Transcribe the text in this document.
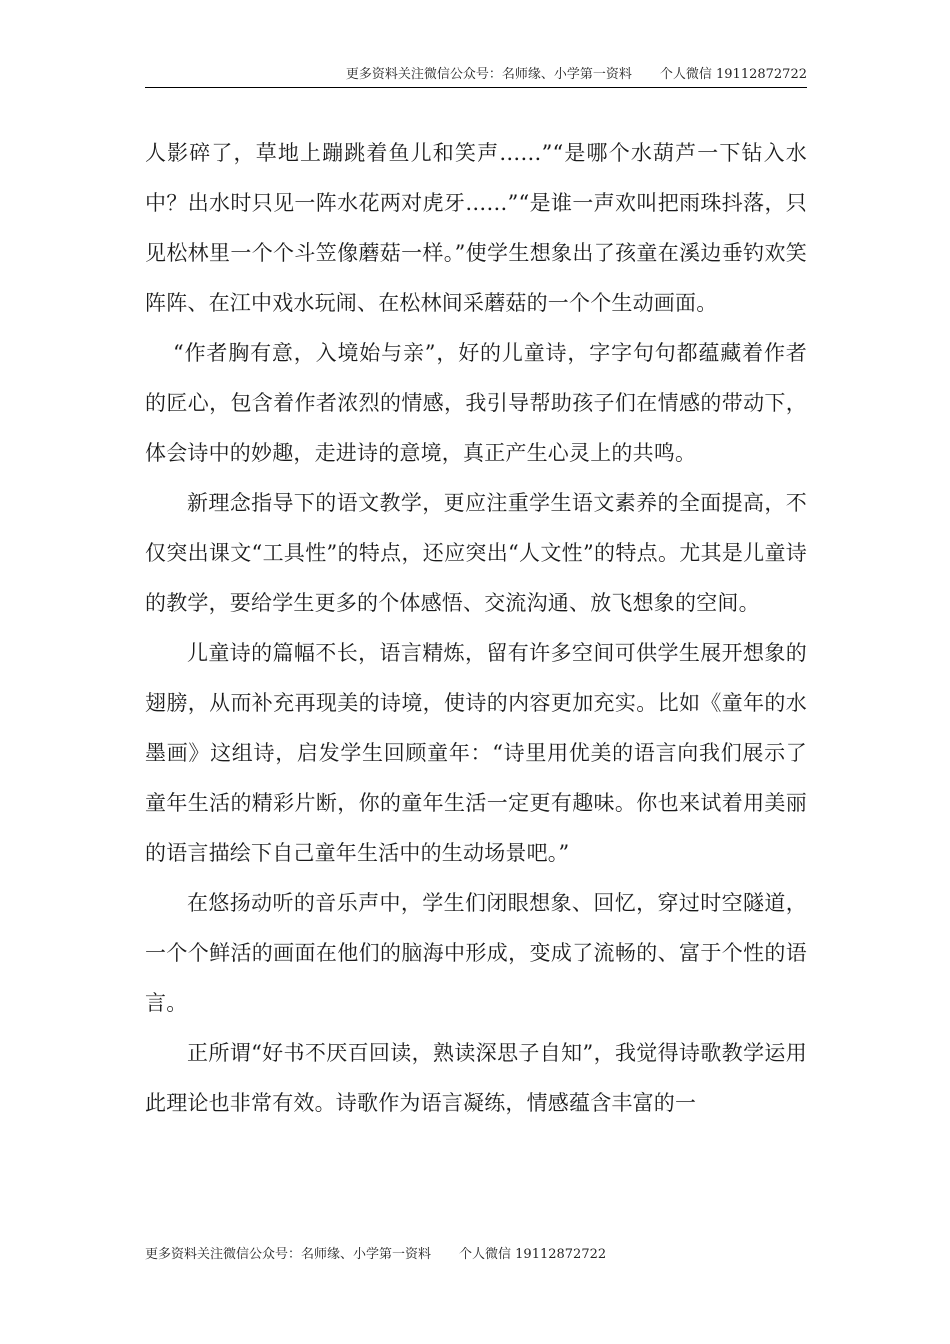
更多资料关注微信公众号：名师缘、小学第一资料 个人微信 19112872722

人影碎了，草地上蹦跳着鱼儿和笑声……”“是哪个水葫芦一下钻入水中？出水时只见一阵水花两对虎牙……”“是谁一声欢叫把雨珠抖落，只见松林里一个个斗笠像蘑菇一样。”使学生想象出了孩童在溪边垂钓欢笑阵阵、在江中戏水玩闹、在松林间采蘑菇的一个个生动画面。

“作者胸有意，入境始与亲”，好的儿童诗，字字句句都蕴藏着作者的匠心，包含着作者浓烈的情感，我引导帮助孩子们在情感的带动下，体会诗中的妙趣，走进诗的意境，真正产生心灵上的共鸣。

新理念指导下的语文教学，更应注重学生语文素养的全面提高，不仅突出课文“工具性”的特点，还应突出“人文性”的特点。尤其是儿童诗的教学，要给学生更多的个体感悟、交流沟通、放飞想象的空间。

儿童诗的篇幅不长，语言精炼，留有许多空间可供学生展开想象的翅膀，从而补充再现美的诗境，使诗的内容更加充实。比如《童年的水墨画》这组诗，启发学生回顾童年：“诗里用优美的语言向我们展示了童年生活的精彩片断，你的童年生活一定更有趣味。你也来试着用美丽的语言描绘下自己童年生活中的生动场景吧。”

在悠扬动听的音乐声中，学生们闭眼想象、回忆，穿过时空隧道，一个个鲜活的画面在他们的脑海中形成，变成了流畅的、富于个性的语言。

正所谓“好书不厌百回读，熟读深思子自知”，我觉得诗歌教学运用此理论也非常有效。诗歌作为语言凝练，情感蕴含丰富的一

更多资料关注微信公众号：名师缘、小学第一资料 个人微信 19112872722
